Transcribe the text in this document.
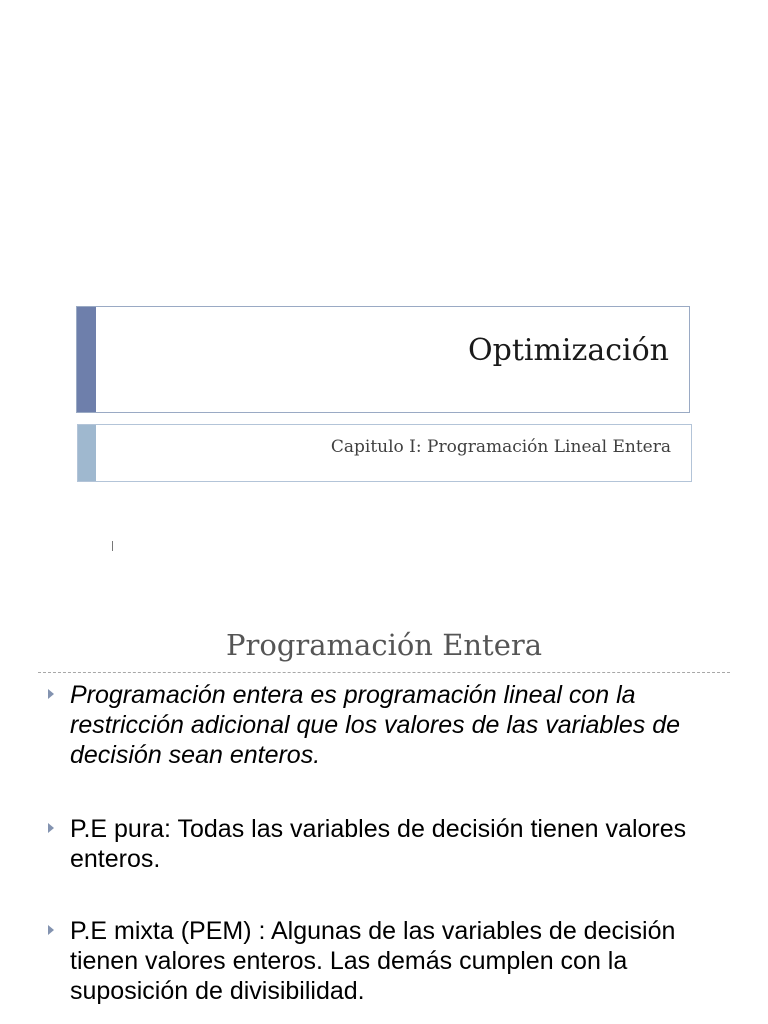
Optimización
Capitulo I: Programación Lineal Entera
Programación Entera
Programación entera es programación lineal con la restricción adicional que los valores de las variables de decisión sean enteros.
P.E pura: Todas las variables de decisión tienen valores enteros.
P.E mixta (PEM) : Algunas de las variables de decisión tienen valores enteros. Las demás cumplen con la suposición de divisibilidad.
